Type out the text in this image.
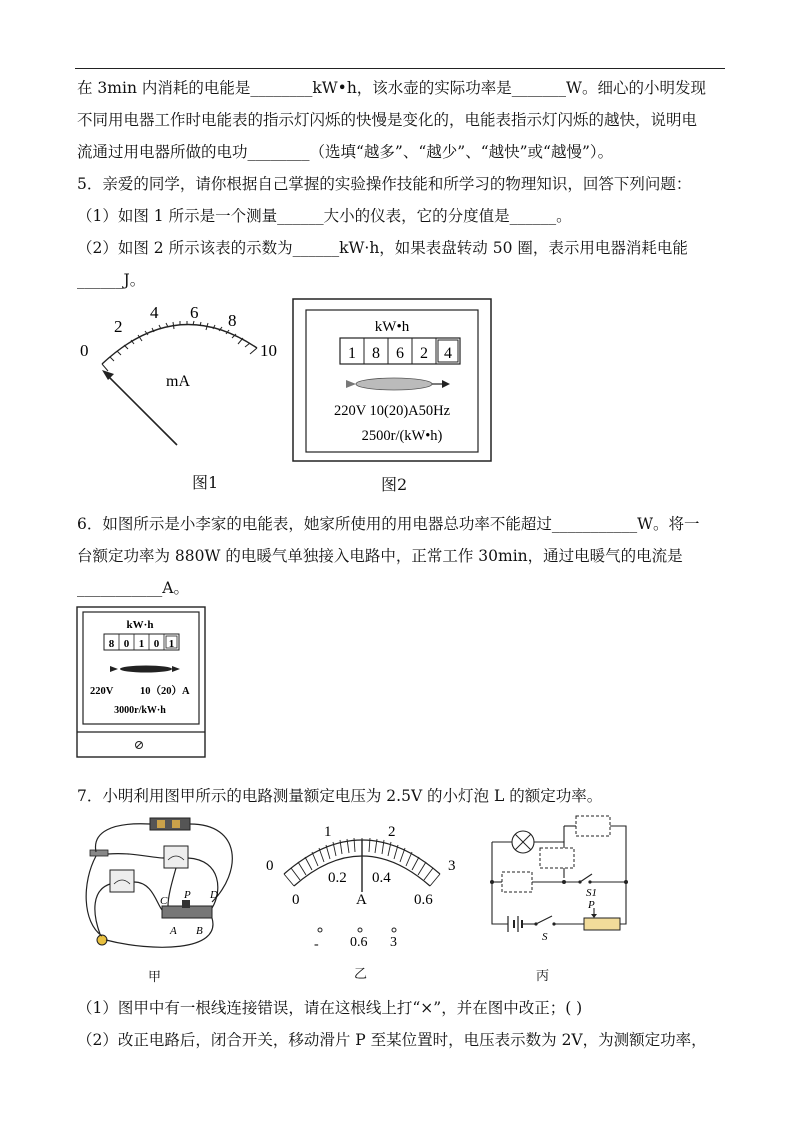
在 3min 内消耗的电能是________kW•h，该水壶的实际功率是_______W。细心的小明发现
不同用电器工作时电能表的指示灯闪烁的快慢是变化的，电能表指示灯闪烁的越快，说明电
流通过用电器所做的电功________（选填“越多”、“越少”、“越快”或“越慢”）。
5．亲爱的同学，请你根据自己掌握的实验操作技能和所学习的物理知识，回答下列问题：
（1）如图 1 所示是一个测量______大小的仪表，它的分度值是______。
（2）如图 2 所示该表的示数为______kW·h，如果表盘转动 50 圈，表示用电器消耗电能
______J。
0
2
4 6 8
10
mA
图1
kW•h
1 8 6 2 4
220V 10(20)A50Hz
2500r/(kW•h)
图2
6．如图所示是小李家的电能表，她家所使用的用电器总功率不能超过___________W。将一
台额定功率为 880W 的电暖气单独接入电路中，正常工作 30min，通过电暖气的电流是
___________A。
kW·h
8 0 1 0 1
220V	10（20）A
3000r/kW·h
7．小明利用图甲所示的电路测量额定电压为 2.5V 的小灯泡 L 的额定功率。
P
C	D
A B
甲
0
1	2
3
0
0.2 0.4
0.6
A
- 0.6 3
乙
S
S1
P
丙
（1）图甲中有一根线连接错误，请在这根线上打“×”，并在图中改正；( )
（2）改正电路后，闭合开关，移动滑片 P 至某位置时，电压表示数为 2V，为测额定功率，
